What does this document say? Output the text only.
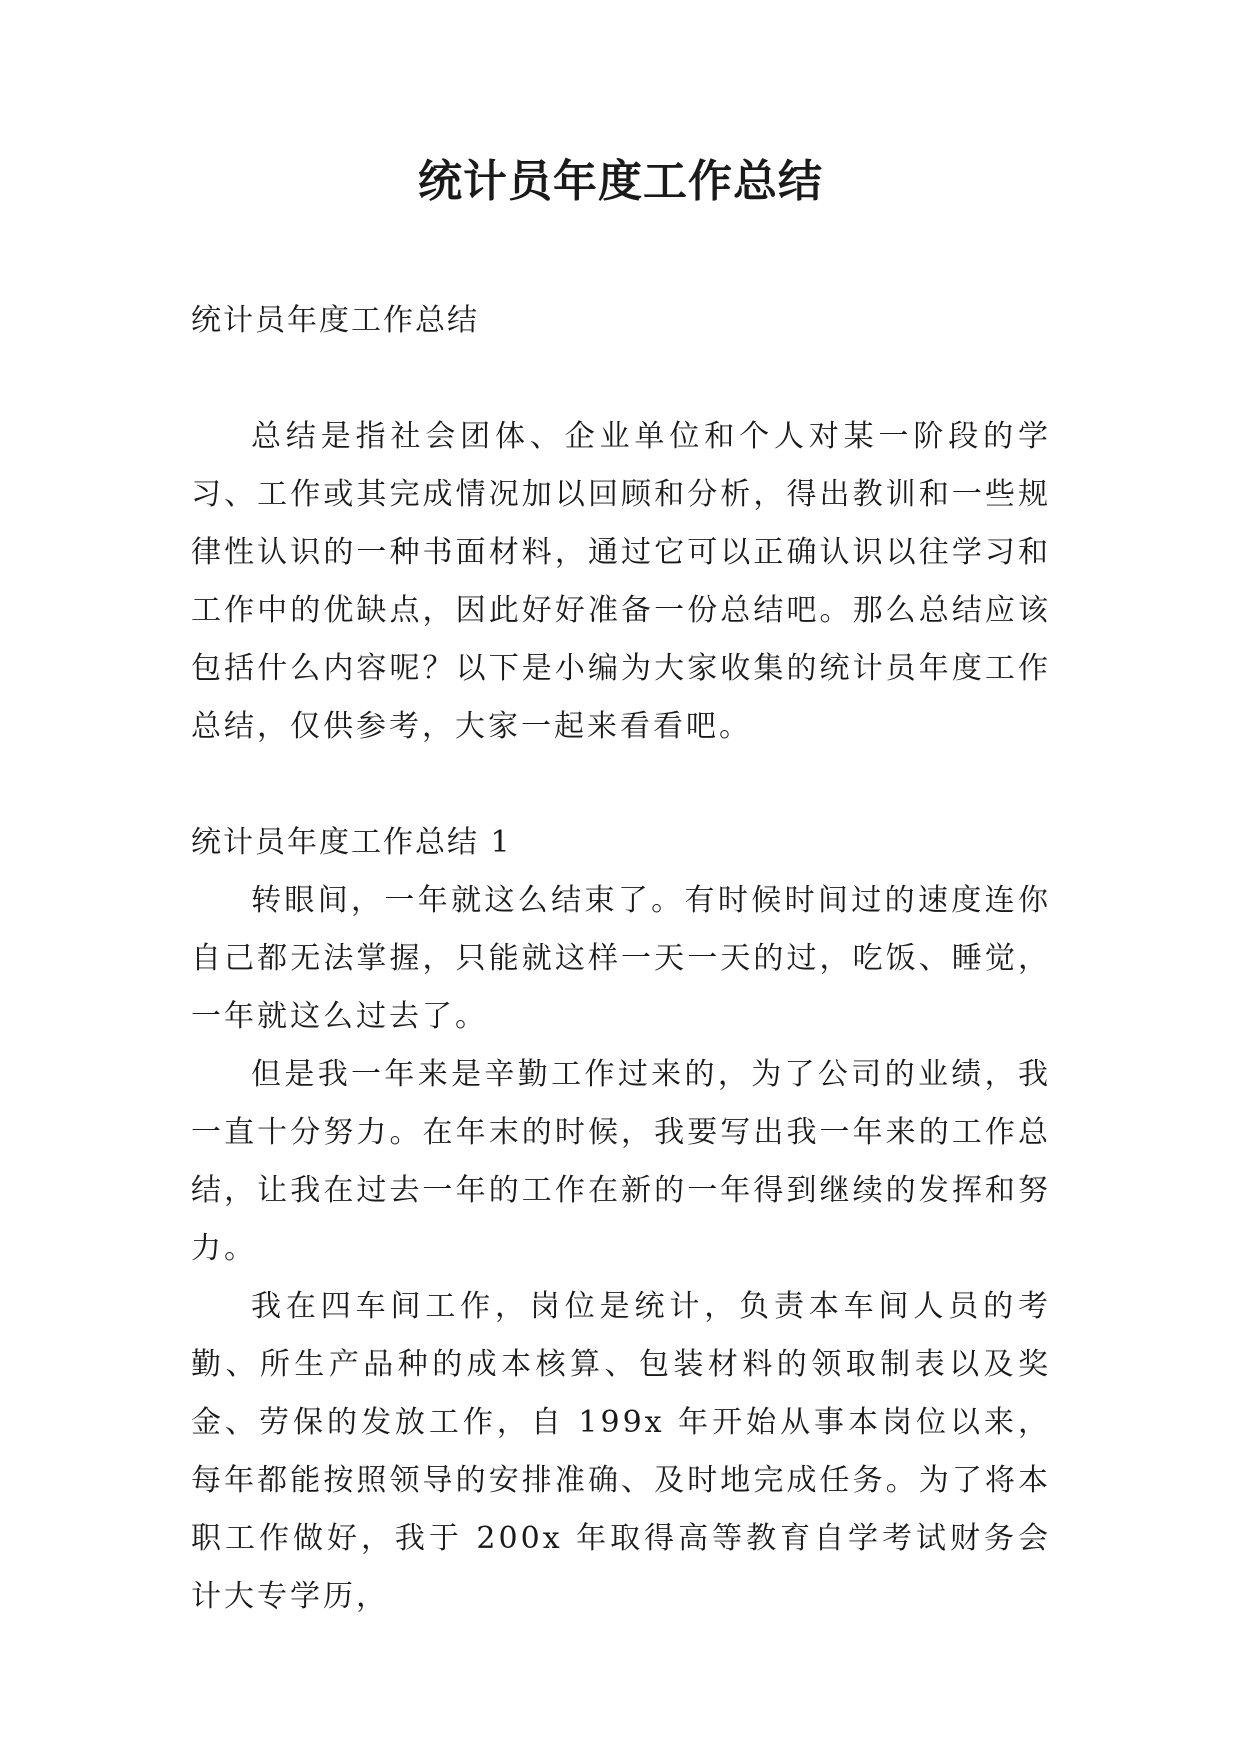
统计员年度工作总结

统计员年度工作总结

总结是指社会团体、企业单位和个人对某一阶段的学习、工作或其完成情况加以回顾和分析，得出教训和一些规律性认识的一种书面材料，通过它可以正确认识以往学习和工作中的优缺点，因此好好准备一份总结吧。那么总结应该包括什么内容呢？以下是小编为大家收集的统计员年度工作总结，仅供参考，大家一起来看看吧。

统计员年度工作总结 1

转眼间，一年就这么结束了。有时候时间过的速度连你自己都无法掌握，只能就这样一天一天的过，吃饭、睡觉，一年就这么过去了。

但是我一年来是辛勤工作过来的，为了公司的业绩，我一直十分努力。在年末的时候，我要写出我一年来的工作总结，让我在过去一年的工作在新的一年得到继续的发挥和努力。

我在四车间工作，岗位是统计，负责本车间人员的考勤、所生产品种的成本核算、包装材料的领取制表以及奖金、劳保的发放工作，自 199x 年开始从事本岗位以来，每年都能按照领导的安排准确、及时地完成任务。为了将本职工作做好，我于 200x 年取得高等教育自学考试财务会计大专学历，
